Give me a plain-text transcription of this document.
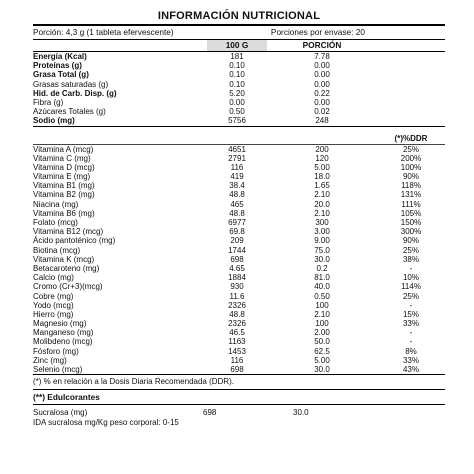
INFORMACIÓN NUTRICIONAL
Porción: 4,3 g (1 tableta efervescente)	Porciones por envase: 20
100 G	PORCIÓN
Energía (Kcal)	181	7.78
Proteínas (g)	0.10	0.00
Grasa Total (g)	0.10	0.00
Grasas saturadas (g)	0.10	0.00
Hid. de Carb. Disp. (g)	5.20	0.22
Fibra (g)	0.00	0.00
Azúcares Totales (g)	0.50	0.02
Sodio (mg)	5756	248
(*)%DDR
Vitamina A (mcg)	4651	200	25%
Vitamina C (mg)	2791	120	200%
Vitamina D (mcg)	116	5.00	100%
Vitamina E (mg)	419	18.0	90%
Vitamina B1 (mg)	38.4	1.65	118%
Vitamina B2 (mg)	48.8	2.10	131%
Niacina (mg)	465	20.0	111%
Vitamina B6 (mg)	48.8	2.10	105%
Folato (mcg)	6977	300	150%
Vitamina B12 (mcg)	69.8	3.00	300%
Ácido pantoténico (mg)	209	9.00	90%
Biotina (mcg)	1744	75.0	25%
Vitamina K (mcg)	698	30.0	38%
Betacaroteno (mg)	4.65	0.2	-
Calcio (mg)	1884	81.0	10%
Cromo (Cr+3)(mcg)	930	40.0	114%
Cobre (mg)	11.6	0.50	25%
Yodo (mcg)	2326	100	-
Hierro (mg)	48.8	2.10	15%
Magnesio (mg)	2326	100	33%
Manganeso (mg)	46.5	2.00	-
Molibdeno (mcg)	1163	50.0	-
Fósforo (mg)	1453	62.5	8%
Zinc (mg)	116	5.00	33%
Selenio (mcg)	698	30.0	43%
(*) % en relación a la Dosis Diaria Recomendada (DDR).
(**) Edulcorantes
Sucralosa (mg)	698	30.0
IDA sucralosa mg/Kg peso corporal: 0-15
